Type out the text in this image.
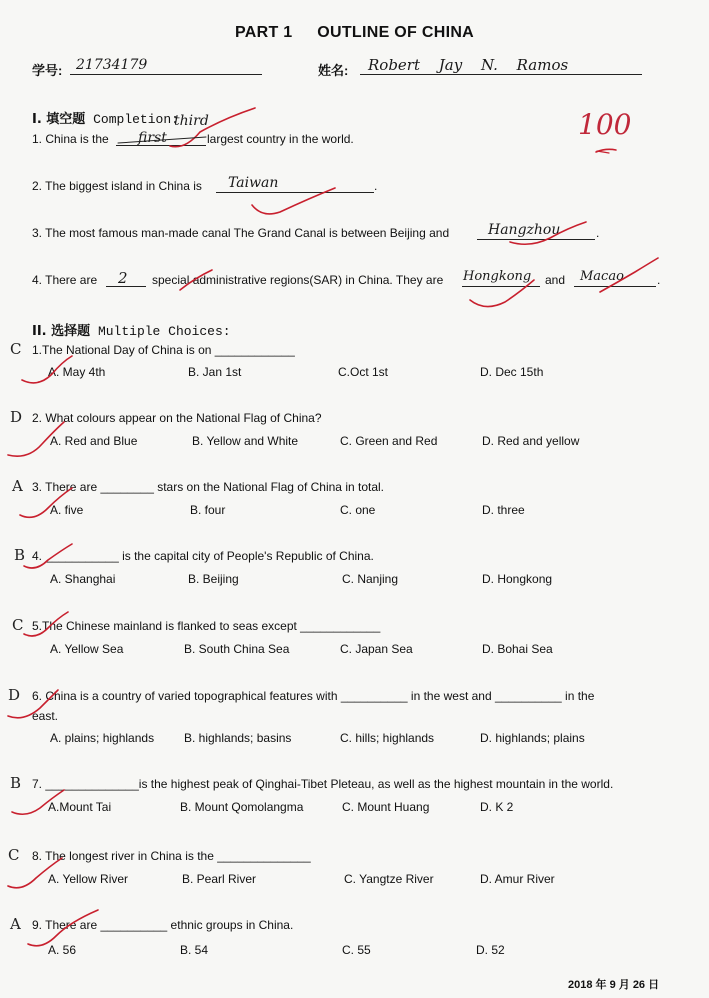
PART 1 OUTLINE OF CHINA
学号: 21734179	姓名: Robert Jay N. Ramos
100
I. 填空题 Completion:
1. China is the first
third
largest country in the world.
2. The biggest island in China is Taiwan	.
3. The most famous man-made canal The Grand Canal is between Beijing and	Hangzhou	.
4. There are 2 special administrative regions(SAR) in China. They are Hongkong and Macao	.
II. 选择题 Multiple Choices:
C 1.The National Day of China is on ____________
A. May 4th	B. Jan 1st	C.Oct 1st	D. Dec 15th
D 2. What colours appear on the National Flag of China?
A. Red and Blue	B. Yellow and White	C. Green and Red	D. Red and yellow
A 3. There are ________ stars on the National Flag of China in total.
A. five	B. four	C. one	D. three
B 4. ___________ is the capital city of People's Republic of China.
A. Shanghai	B. Beijing	C. Nanjing	D. Hongkong
C 5.The Chinese mainland is flanked to seas except ____________
A. Yellow Sea	B. South China Sea	C. Japan Sea	D. Bohai Sea
D 6. China is a country of varied topographical features with __________ in the west and __________ in the
east.
A. plains; highlands B. highlands; basins	C. hills; highlands	D. highlands; plains
B 7. ______________is the highest peak of Qinghai-Tibet Pleteau, as well as the highest mountain in the world.
A.Mount Tai	B. Mount Qomolangma	C. Mount Huang	D. K 2
C 8. The longest river in China is the ______________
A. Yellow River	B. Pearl River	C. Yangtze River	D. Amur River
A 9. There are __________ ethnic groups in China.
A. 56	B. 54	C. 55	D. 52
2018 年 9 月 26 日
